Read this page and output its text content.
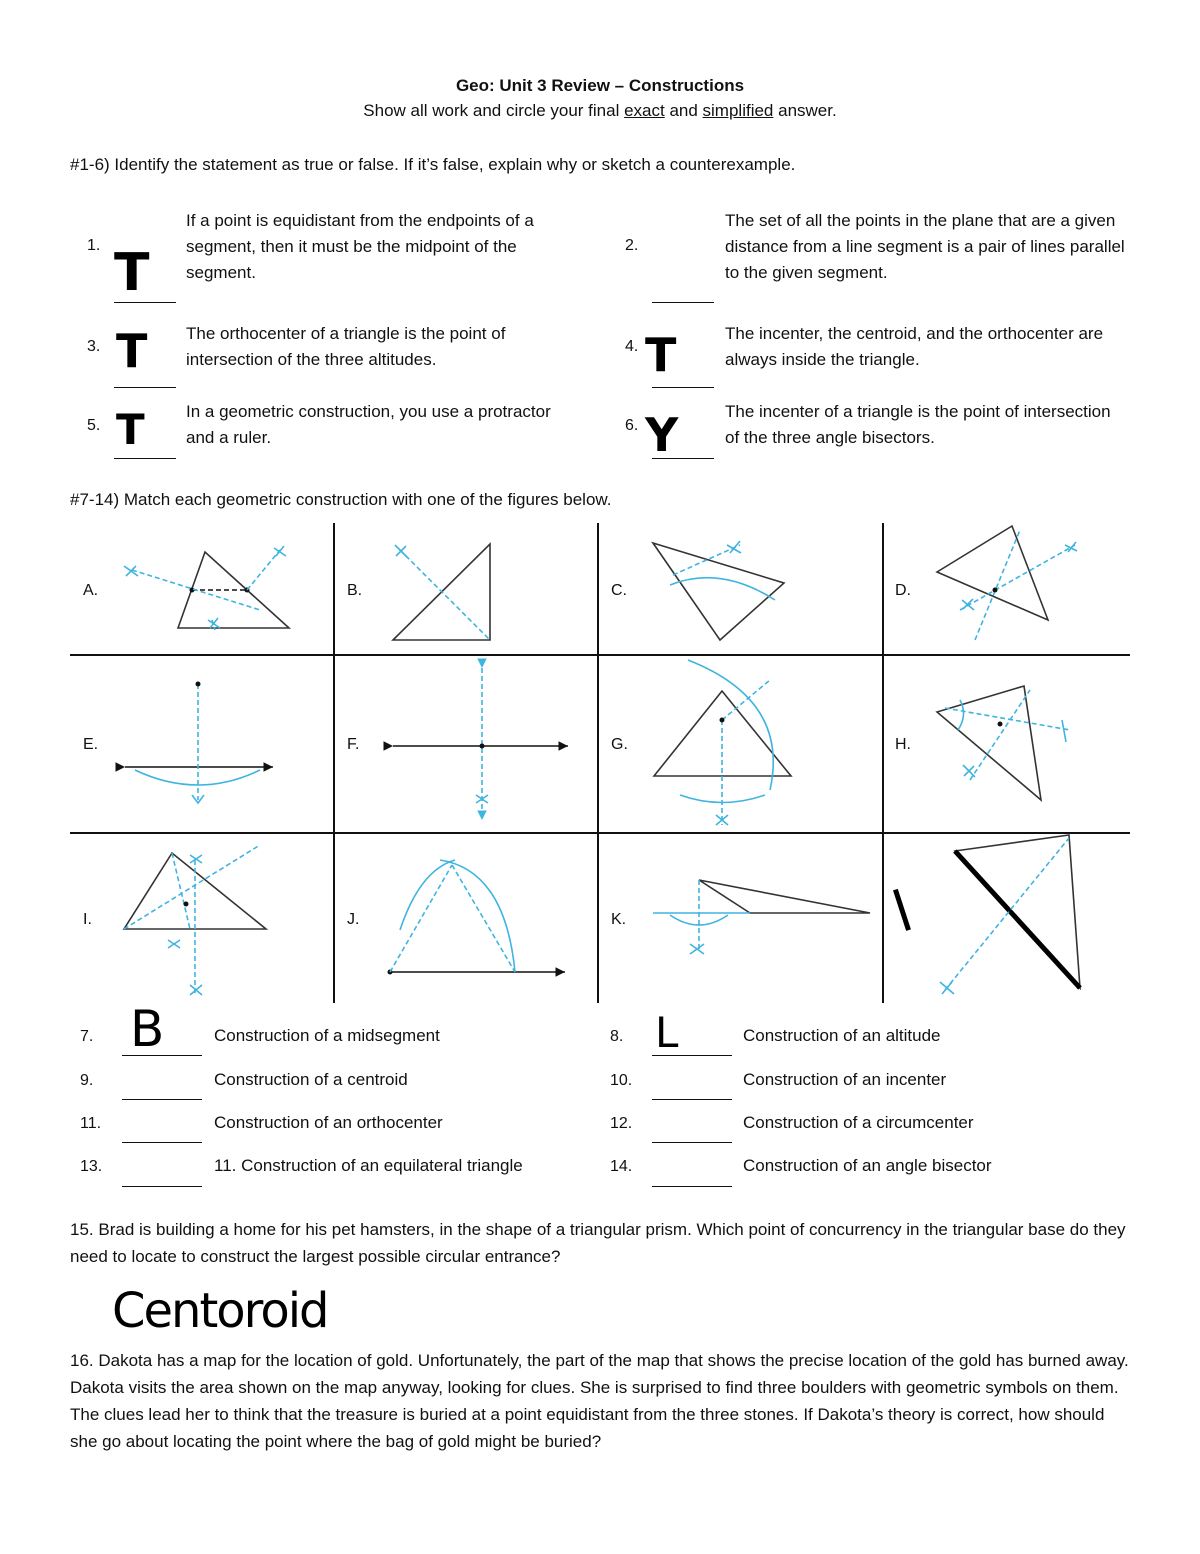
Geo: Unit 3 Review – Constructions
Show all work and circle your final exact and simplified answer.
#1-6) Identify the statement as true or false. If it’s false, explain why or sketch a counterexample.
1. T
If a point is equidistant from the endpoints of a segment, then it must be the midpoint of the segment.
2.
The set of all the points in the plane that are a given distance from a line segment is a pair of lines parallel to the given segment.
3. T The orthocenter of a triangle is the point of intersection of the three altitudes.
4. T	The incenter, the centroid, and the orthocenter are always inside the triangle.
5. T In a geometric construction, you use a protractor and a ruler.
6. Y	The incenter of a triangle is the point of intersection of the three angle bisectors.
#7-14) Match each geometric construction with one of the figures below.
A.	B.	C.	D.
E.	F.	G.	H.
I.	J.	K.	l
7. B	Construction of a midsegment	8. L	Construction of an altitude
9.	Construction of a centroid	10.	Construction of an incenter
11.	Construction of an orthocenter	12.	Construction of a circumcenter
13.	11. Construction of an equilateral triangle	14.	Construction of an angle bisector
15. Brad is building a home for his pet hamsters, in the shape of a triangular prism. Which point of concurrency in the triangular base do they need to locate to construct the largest possible circular entrance?
Centoroid
16. Dakota has a map for the location of gold. Unfortunately, the part of the map that shows the precise location of the gold has burned away. Dakota visits the area shown on the map anyway, looking for clues. She is surprised to find three boulders with geometric symbols on them. The clues lead her to think that the treasure is buried at a point equidistant from the three stones. If Dakota’s theory is correct, how should she go about locating the point where the bag of gold might be buried?
